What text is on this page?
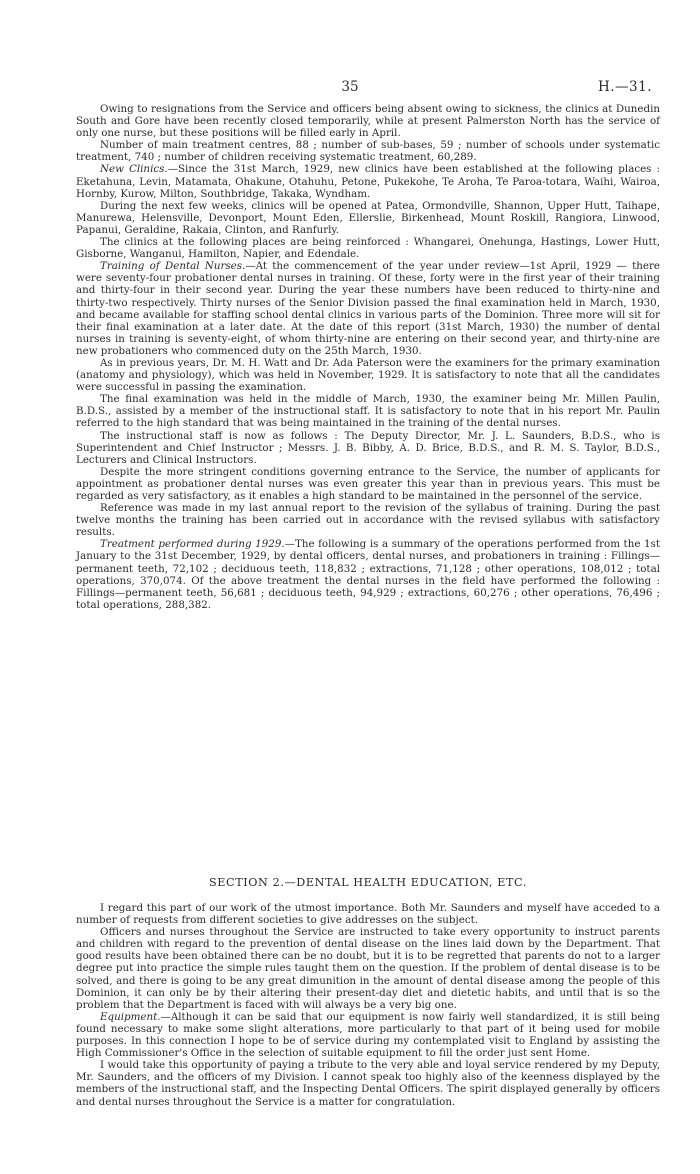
35	H.—31.

Owing to resignations from the Service and officers being absent owing to sickness, the clinics at Dunedin South and Gore have been recently closed temporarily, while at present Palmerston North has the service of only one nurse, but these positions will be filled early in April.

Number of main treatment centres, 88 ; number of sub-bases, 59 ; number of schools under systematic treatment, 740 ; number of children receiving systematic treatment, 60,289.

New Clinics.—Since the 31st March, 1929, new clinics have been established at the following places : Eketahuna, Levin, Matamata, Ohakune, Otahuhu, Petone, Pukekohe, Te Aroha, Te Paroa-totara, Waihi, Wairoa, Hornby, Kurow, Milton, Southbridge, Takaka, Wyndham.

During the next few weeks, clinics will be opened at Patea, Ormondville, Shannon, Upper Hutt, Taihape, Manurewa, Helensville, Devonport, Mount Eden, Ellerslie, Birkenhead, Mount Roskill, Rangiora, Linwood, Papanui, Geraldine, Rakaia, Clinton, and Ranfurly.

The clinics at the following places are being reinforced : Whangarei, Onehunga, Hastings, Lower Hutt, Gisborne, Wanganui, Hamilton, Napier, and Edendale.

Training of Dental Nurses.—At the commencement of the year under review—1st April, 1929 — there were seventy-four probationer dental nurses in training. Of these, forty were in the first year of their training and thirty-four in their second year. During the year these numbers have been reduced to thirty-nine and thirty-two respectively. Thirty nurses of the Senior Division passed the final examination held in March, 1930, and became available for staffing school dental clinics in various parts of the Dominion. Three more will sit for their final examination at a later date. At the date of this report (31st March, 1930) the number of dental nurses in training is seventy-eight, of whom thirty-nine are entering on their second year, and thirty-nine are new probationers who commenced duty on the 25th March, 1930.

As in previous years, Dr. M. H. Watt and Dr. Ada Paterson were the examiners for the primary examination (anatomy and physiology), which was held in November, 1929. It is satisfactory to note that all the candidates were successful in passing the examination.

The final examination was held in the middle of March, 1930, the examiner being Mr. Millen Paulin, B.D.S., assisted by a member of the instructional staff. It is satisfactory to note that in his report Mr. Paulin referred to the high standard that was being maintained in the training of the dental nurses.

The instructional staff is now as follows : The Deputy Director, Mr. J. L. Saunders, B.D.S., who is Superintendent and Chief Instructor ; Messrs. J. B. Bibby, A. D. Brice, B.D.S., and R. M. S. Taylor, B.D.S., Lecturers and Clinical Instructors.

Despite the more stringent conditions governing entrance to the Service, the number of applicants for appointment as probationer dental nurses was even greater this year than in previous years. This must be regarded as very satisfactory, as it enables a high standard to be maintained in the personnel of the service.

Reference was made in my last annual report to the revision of the syllabus of training. During the past twelve months the training has been carried out in accordance with the revised syllabus with satisfactory results.

Treatment performed during 1929.—The following is a summary of the operations performed from the 1st January to the 31st December, 1929, by dental officers, dental nurses, and probationers in training : Fillings—permanent teeth, 72,102 ; deciduous teeth, 118,832 ; extractions, 71,128 ; other operations, 108,012 ; total operations, 370,074. Of the above treatment the dental nurses in the field have performed the following : Fillings—permanent teeth, 56,681 ; deciduous teeth, 94,929 ; extractions, 60,276 ; other operations, 76,496 ; total operations, 288,382.

SECTION 2.—DENTAL HEALTH EDUCATION, ETC.

I regard this part of our work of the utmost importance. Both Mr. Saunders and myself have acceded to a number of requests from different societies to give addresses on the subject.

Officers and nurses throughout the Service are instructed to take every opportunity to instruct parents and children with regard to the prevention of dental disease on the lines laid down by the Department. That good results have been obtained there can be no doubt, but it is to be regretted that parents do not to a larger degree put into practice the simple rules taught them on the question. If the problem of dental disease is to be solved, and there is going to be any great dimunition in the amount of dental disease among the people of this Dominion, it can only be by their altering their present-day diet and dietetic habits, and until that is so the problem that the Department is faced with will always be a very big one.

Equipment.—Although it can be said that our equipment is now fairly well standardized, it is still being found necessary to make some slight alterations, more particularly to that part of it being used for mobile purposes. In this connection I hope to be of service during my contemplated visit to England by assisting the High Commissioner's Office in the selection of suitable equipment to fill the order just sent Home.

I would take this opportunity of paying a tribute to the very able and loyal service rendered by my Deputy, Mr. Saunders, and the officers of my Division. I cannot speak too highly also of the keenness displayed by the members of the instructional staff, and the Inspecting Dental Officers. The spirit displayed generally by officers and dental nurses throughout the Service is a matter for congratulation.
